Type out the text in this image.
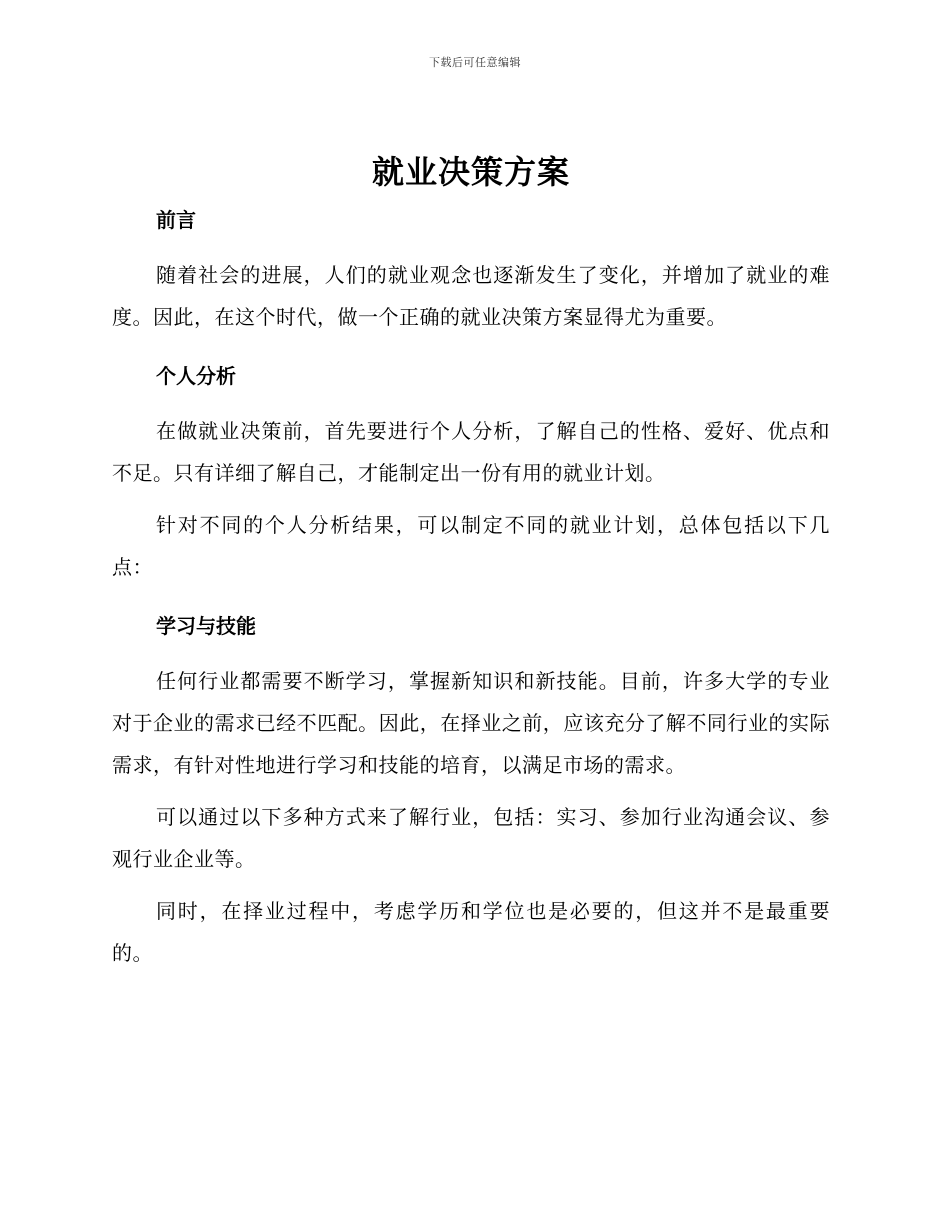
下载后可任意编辑
就业决策方案
前言

随着社会的进展，人们的就业观念也逐渐发生了变化，并增加了就业的难度。因此，在这个时代，做一个正确的就业决策方案显得尤为重要。

个人分析

在做就业决策前，首先要进行个人分析，了解自己的性格、爱好、优点和不足。只有详细了解自己，才能制定出一份有用的就业计划。

针对不同的个人分析结果，可以制定不同的就业计划，总体包括以下几点：

学习与技能

任何行业都需要不断学习，掌握新知识和新技能。目前，许多大学的专业对于企业的需求已经不匹配。因此，在择业之前，应该充分了解不同行业的实际需求，有针对性地进行学习和技能的培育，以满足市场的需求。

可以通过以下多种方式来了解行业，包括：实习、参加行业沟通会议、参观行业企业等。

同时，在择业过程中，考虑学历和学位也是必要的，但这并不是最重要的。
